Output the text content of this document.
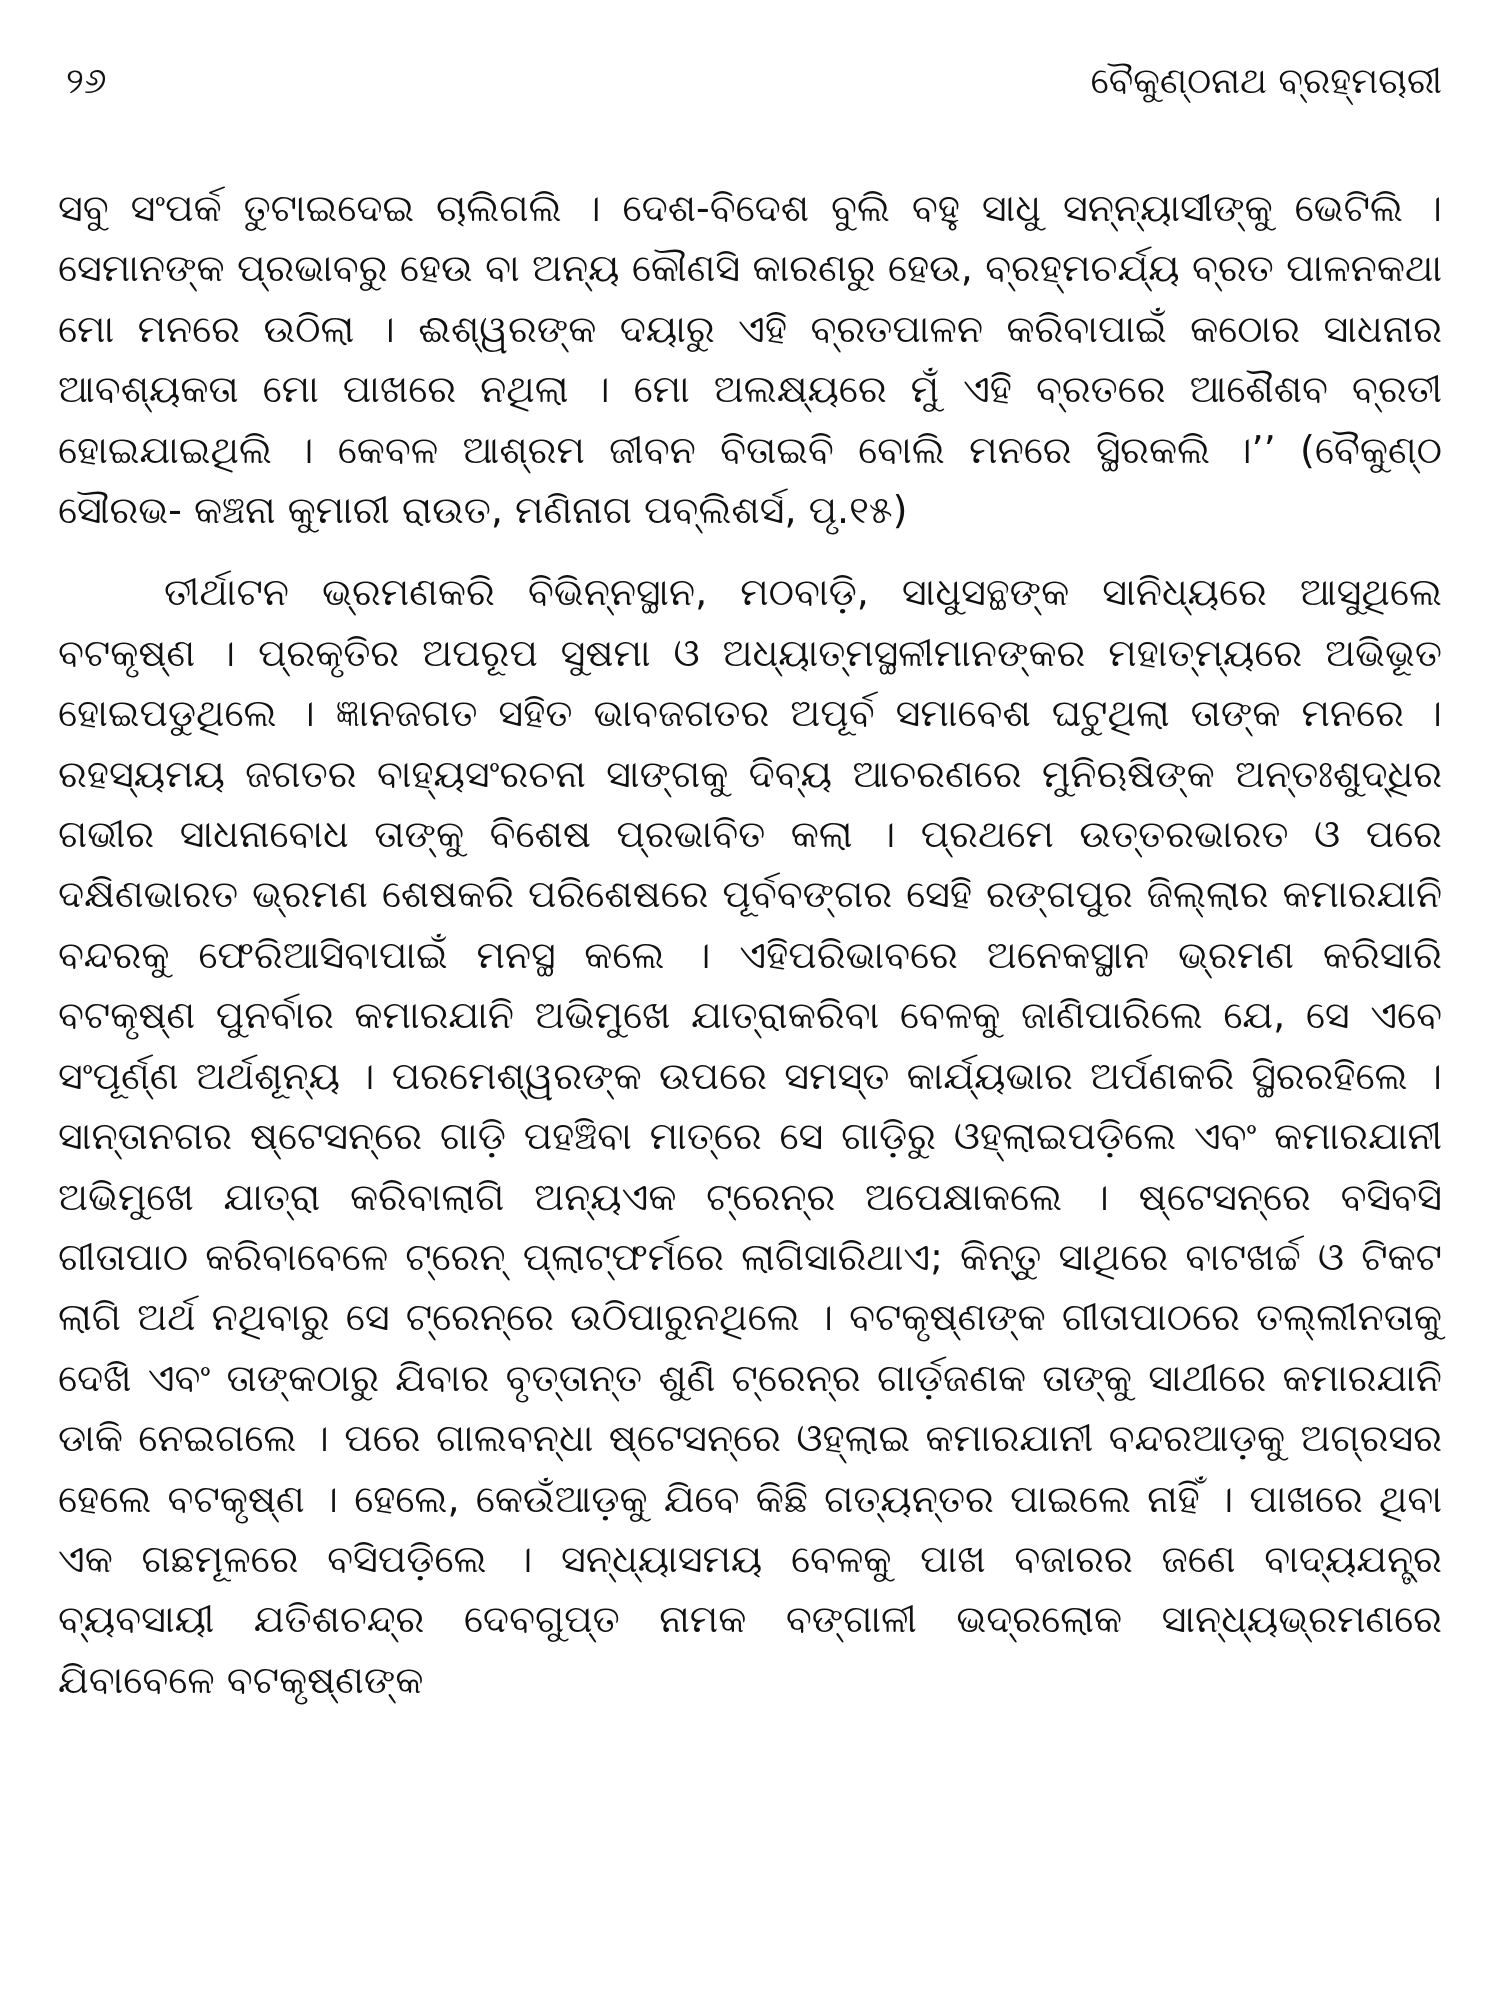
୨୬	ବୈକୁଣ୍ଠନାଥ ବ୍ରହ୍ମଚାରୀ

ସବୁ ସଂପର୍କ ତୁଟାଇଦେଇ ଚାଲିଗଲି । ଦେଶ-ବିଦେଶ ବୁଲି ବହୁ ସାଧୁ ସନ୍ନ୍ୟାସୀଙ୍କୁ ଭେଟିଲି । ସେମାନଙ୍କ ପ୍ରଭାବରୁ ହେଉ ବା ଅନ୍ୟ କୌଣସି କାରଣରୁ ହେଉ, ବ୍ରହ୍ମଚର୍ଯ୍ୟ ବ୍ରତ ପାଳନକଥା ମୋ ମନରେ ଉଠିଲା । ଈଶ୍ୱରଙ୍କ ଦୟାରୁ ଏହି ବ୍ରତପାଳନ କରିବାପାଇଁ କଠୋର ସାଧନାର ଆବଶ୍ୟକତା ମୋ ପାଖରେ ନଥିଲା । ମୋ ଅଲକ୍ଷ୍ୟରେ ମୁଁ ଏହି ବ୍ରତରେ ଆଶୈଶବ ବ୍ରତୀ ହୋଇଯାଇଥିଲି । କେବଳ ଆଶ୍ରମ ଜୀବନ ବିତାଇବି ବୋଲି ମନରେ ସ୍ଥିରକଲି ।’’ (ବୈକୁଣ୍ଠ ସୌରଭ- କଞ୍ଚନା କୁମାରୀ ରାଉତ, ମଣିନାଗ ପବ୍ଲିଶର୍ସ, ପୃ.୧୫)

ତୀର୍ଥାଟନ ଭ୍ରମଣକରି ବିଭିନ୍ନସ୍ଥାନ, ମଠବାଡ଼ି, ସାଧୁସନ୍ଥଙ୍କ ସାନିଧ୍ୟରେ ଆସୁଥିଲେ ବଟକୃଷ୍ଣ । ପ୍ରକୃତିର ଅପରୂପ ସୁଷମା ଓ ଅଧ୍ୟାତ୍ମସ୍ଥଳୀମାନଙ୍କର ମହାତ୍ମ୍ୟରେ ଅଭିଭୂତ ହୋଇପଡୁଥିଲେ । ଜ୍ଞାନଜଗତ ସହିତ ଭାବଜଗତର ଅପୂର୍ବ ସମାବେଶ ଘଟୁଥିଲା ତାଙ୍କ ମନରେ । ରହସ୍ୟମୟ ଜଗତର ବାହ୍ୟସଂରଚନା ସାଙ୍ଗକୁ ଦିବ୍ୟ ଆଚରଣରେ ମୁନିଋଷିଙ୍କ ଅନ୍ତଃଶୁଦ୍ଧିର ଗଭୀର ସାଧନାବୋଧ ତାଙ୍କୁ ବିଶେଷ ପ୍ରଭାବିତ କଲା । ପ୍ରଥମେ ଉତ୍ତରଭାରତ ଓ ପରେ ଦକ୍ଷିଣଭାରତ ଭ୍ରମଣ ଶେଷକରି ପରିଶେଷରେ ପୂର୍ବବଙ୍ଗର ସେହି ରଙ୍ଗପୁର ଜିଲ୍ଲାର କମାରଯାନି ବନ୍ଦରକୁ ଫେରିଆସିବାପାଇଁ ମନସ୍ଥ କଲେ । ଏହିପରିଭାବରେ ଅନେକସ୍ଥାନ ଭ୍ରମଣ କରିସାରି ବଟକୃଷ୍ଣ ପୁନର୍ବାର କମାରଯାନି ଅଭିମୁଖେ ଯାତ୍ରାକରିବା ବେଳକୁ ଜାଣିପାରିଲେ ଯେ, ସେ ଏବେ ସଂପୂର୍ଣ୍ଣ ଅର୍ଥଶୂନ୍ୟ । ପରମେଶ୍ୱରଙ୍କ ଉପରେ ସମସ୍ତ କାର୍ଯ୍ୟଭାର ଅର୍ପଣକରି ସ୍ଥିରରହିଲେ । ସାନ୍ତାନଗର ଷ୍ଟେସନ୍‌ରେ ଗାଡ଼ି ପହଞ୍ଚିବା ମାତ୍ରେ ସେ ଗାଡ଼ିରୁ ଓହ୍ଲାଇପଡ଼ିଲେ ଏବଂ କମାରଯାନୀ ଅଭିମୁଖେ ଯାତ୍ରା କରିବାଲାଗି ଅନ୍ୟଏକ ଟ୍ରେନ୍‌ର ଅପେକ୍ଷାକଲେ । ଷ୍ଟେସନ୍‌ରେ ବସିବସି ଗୀତାପାଠ କରିବାବେଳେ ଟ୍ରେନ୍ ପ୍ଲାଟ୍‌ଫର୍ମରେ ଲାଗିସାରିଥାଏ; କିନ୍ତୁ ସାଥିରେ ବାଟଖର୍ଚ୍ଚ ଓ ଟିକଟ ଲାଗି ଅର୍ଥ ନଥିବାରୁ ସେ ଟ୍ରେନ୍‌ରେ ଉଠିପାରୁନଥିଲେ । ବଟକୃଷ୍ଣଙ୍କ ଗୀତାପାଠରେ ତଲ୍ଲୀନତାକୁ ଦେଖି ଏବଂ ତାଙ୍କଠାରୁ ଯିବାର ବୃତ୍ତାନ୍ତ ଶୁଣି ଟ୍ରେନ୍‌ର ଗାର୍ଡ଼ଜଣକ ତାଙ୍କୁ ସାଥୀରେ କମାରଯାନି ଡାକି ନେଇଗଲେ । ପରେ ଗାଲବନ୍ଧା ଷ୍ଟେସନ୍‌ରେ ଓହ୍ଲାଇ କମାରଯାନୀ ବନ୍ଦରଆଡ଼କୁ ଅଗ୍ରସର ହେଲେ ବଟକୃଷ୍ଣ । ହେଲେ, କେଉଁଆଡ଼କୁ ଯିବେ କିଛି ଗତ୍ୟନ୍ତର ପାଇଲେ ନାହିଁ । ପାଖରେ ଥିବା ଏକ ଗଛମୂଳରେ ବସିପଡ଼ିଲେ । ସନ୍ଧ୍ୟାସମୟ ବେଳକୁ ପାଖ ବଜାରର ଜଣେ ବାଦ୍ୟଯନ୍ତ୍ର ବ୍ୟବସାୟୀ ଯତିଶଚନ୍ଦ୍ର ଦେବଗୁପ୍ତ ନାମକ ବଙ୍ଗାଳୀ ଭଦ୍ରଲୋକ ସାନ୍ଧ୍ୟଭ୍ରମଣରେ ଯିବାବେଳେ ବଟକୃଷ୍ଣଙ୍କ
